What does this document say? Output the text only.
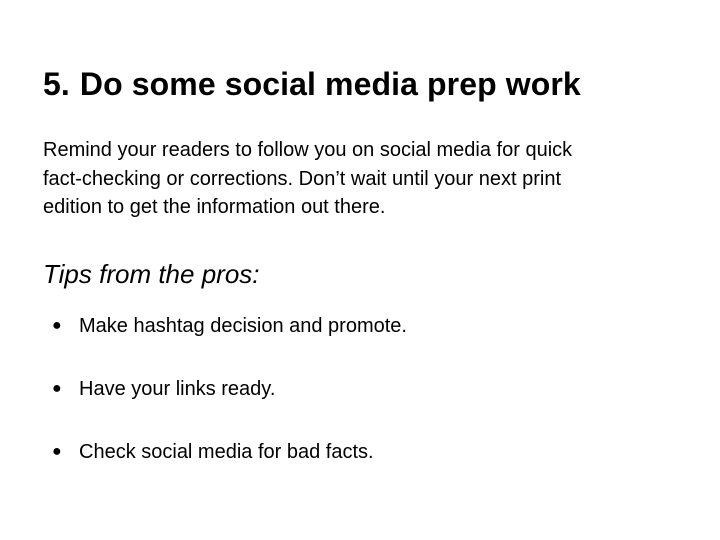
5. Do some social media prep work

Remind your readers to follow you on social media for quick
fact-checking or corrections. Don’t wait until your next print
edition to get the information out there.

Tips from the pros:
● Make hashtag decision and promote.
● Have your links ready.
● Check social media for bad facts.
